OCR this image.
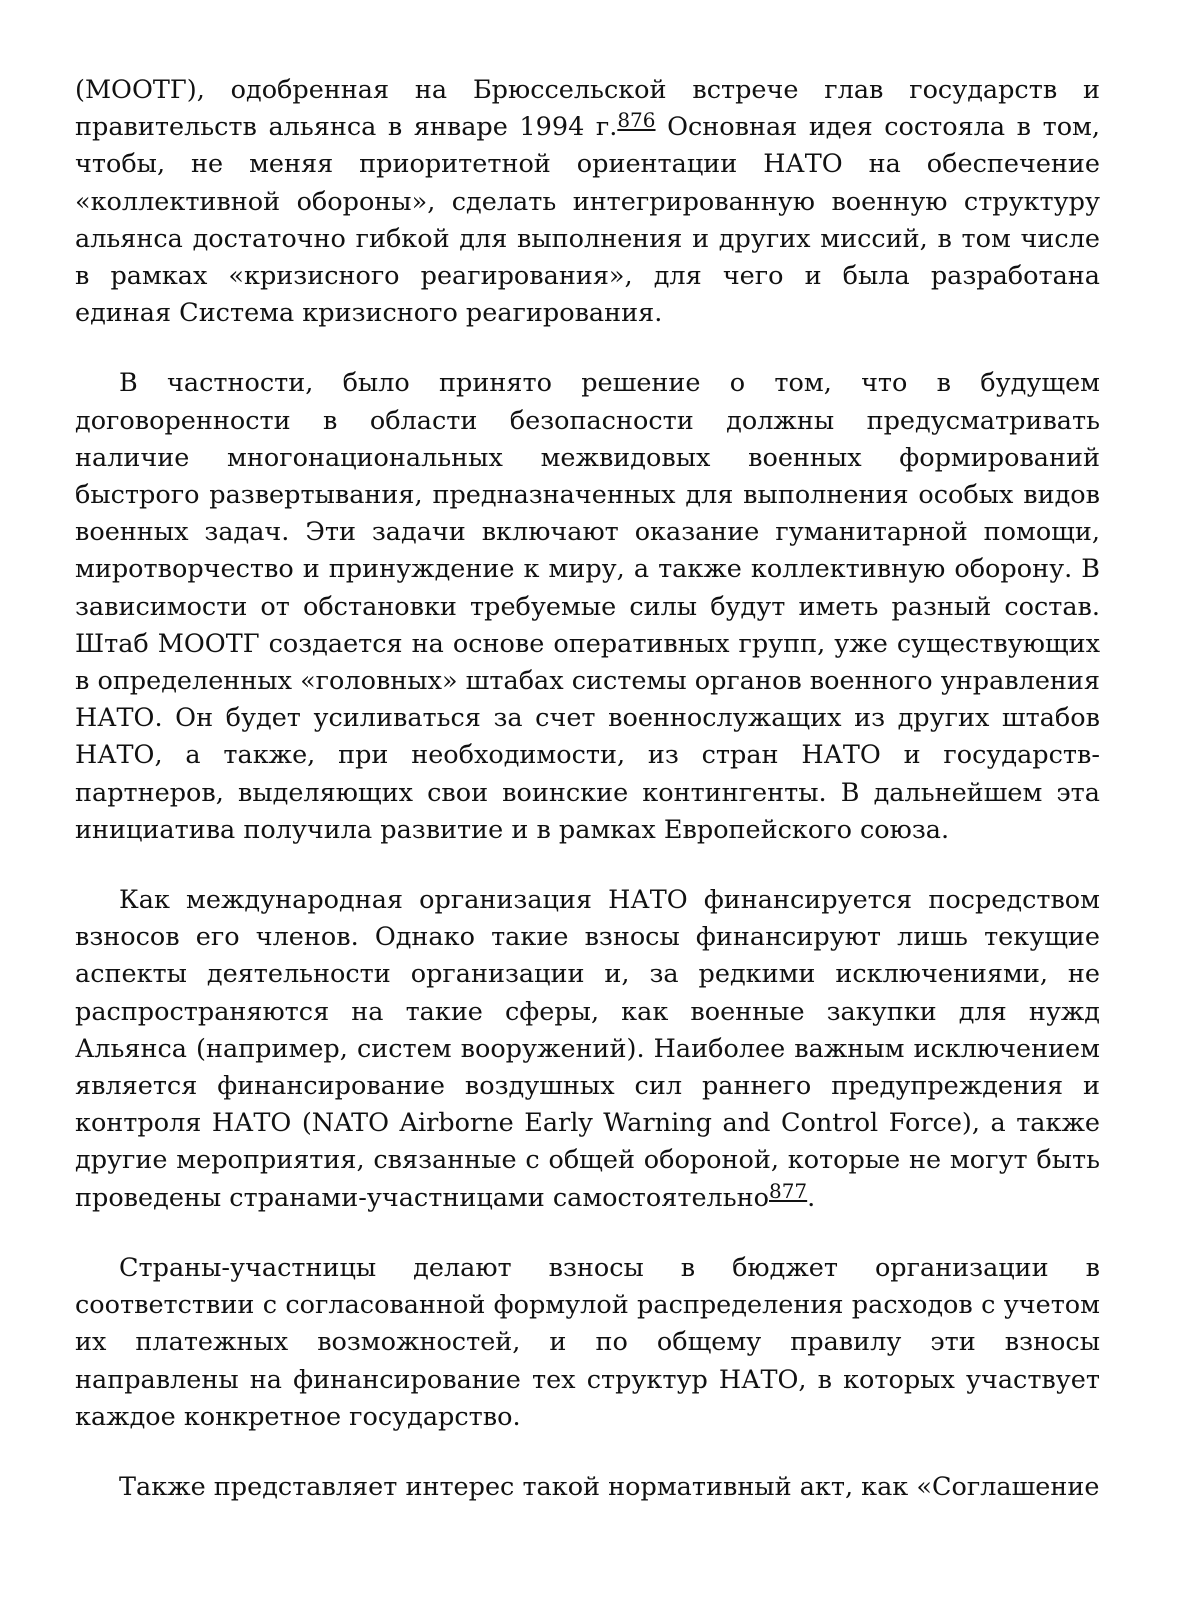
(МООТГ), одобренная на Брюссельской встрече глав государств и правительств альянса в январе 1994 г.$^{876}$ Основная идея состояла в том, чтобы, не меняя приоритетной ориентации НАТО на обеспечение «коллективной обороны», сделать интегрированную военную структуру альянса достаточно гибкой для выполнения и других миссий, в том числе в рамках «кризисного реагирования», для чего и была разработана единая Система кризисного реагирования.

В частности, было принято решение о том, что в будущем договоренности в области безопасности должны предусматривать наличие многонациональных межвидовых военных формирований быстрого развертывания, предназначенных для выполнения особых видов военных задач. Эти задачи включают оказание гуманитарной помощи, миротворчество и принуждение к миру, а также коллективную оборону. В зависимости от обстановки требуемые силы будут иметь разный состав. Штаб МООТГ создается на основе оперативных групп, уже существующих в определенных «головных» штабах системы органов военного унравления НАТО. Он будет усиливаться за счет военнослужащих из других штабов НАТО, а также, при необходимости, из стран НАТО и государств-партнеров, выделяющих свои воинские контингенты. В дальнейшем эта инициатива получила развитие и в рамках Европейского союза.

Как международная организация НАТО финансируется посредством взносов его членов. Однако такие взносы финансируют лишь текущие аспекты деятельности организации и, за редкими исключениями, не распространяются на такие сферы, как военные закупки для нужд Альянса (например, систем вооружений). Наиболее важным исключением является финансирование воздушных сил раннего предупреждения и контроля НАТО (NATO Airborne Early Warning and Control Force), а также другие мероприятия, связанные с общей обороной, которые не могут быть проведены странами-участницами самостоятельно$^{877}$.

Страны-участницы делают взносы в бюджет организации в соответствии с согласованной формулой распределения расходов с учетом их платежных возможностей, и по общему правилу эти взносы направлены на финансирование тех структур НАТО, в которых участвует каждое конкретное государство.

Также представляет интерес такой нормативный акт, как «Соглашение
